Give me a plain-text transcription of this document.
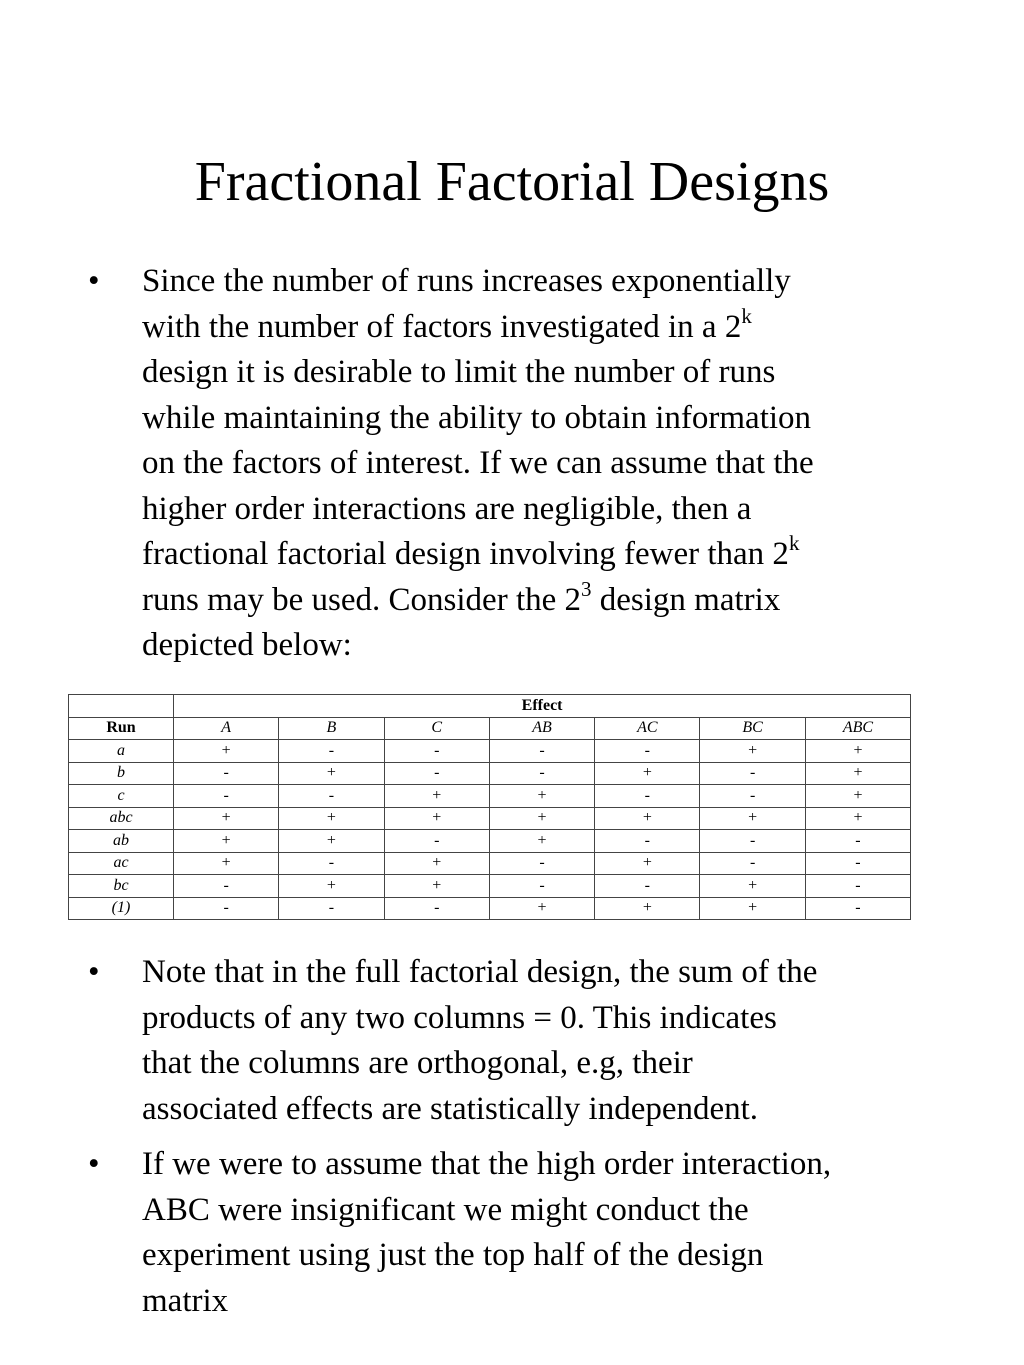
Fractional Factorial Designs
• Since the number of runs increases exponentially
with the number of factors investigated in a 2$^k$
design it is desirable to limit the number of runs
while maintaining the ability to obtain information
on the factors of interest. If we can assume that the
higher order interactions are negligible, then a
fractional factorial design involving fewer than 2$^k$
runs may be used. Consider the $2^3$ design matrix
depicted below:
	Effect						
Run	A	B	C	AB	AC	BC	ABC
a	+	-	-	-	-	+	+
b	-	+	-	-	+	-	+
c	-	-	+	+	-	-	+
abc	+	+	+	+	+	+	+
ab	+	+	-	+	-	-	-
ac	+	-	+	-	+	-	-
bc	-	+	+	-	-	+	-
(1)	-	-	-	+	+	+	-
• Note that in the full factorial design, the sum of the
products of any two columns = 0. This indicates
that the columns are orthogonal, e.g, their
associated effects are statistically independent.
• If we were to assume that the high order interaction,
ABC were insignificant we might conduct the
experiment using just the top half of the design
matrix
